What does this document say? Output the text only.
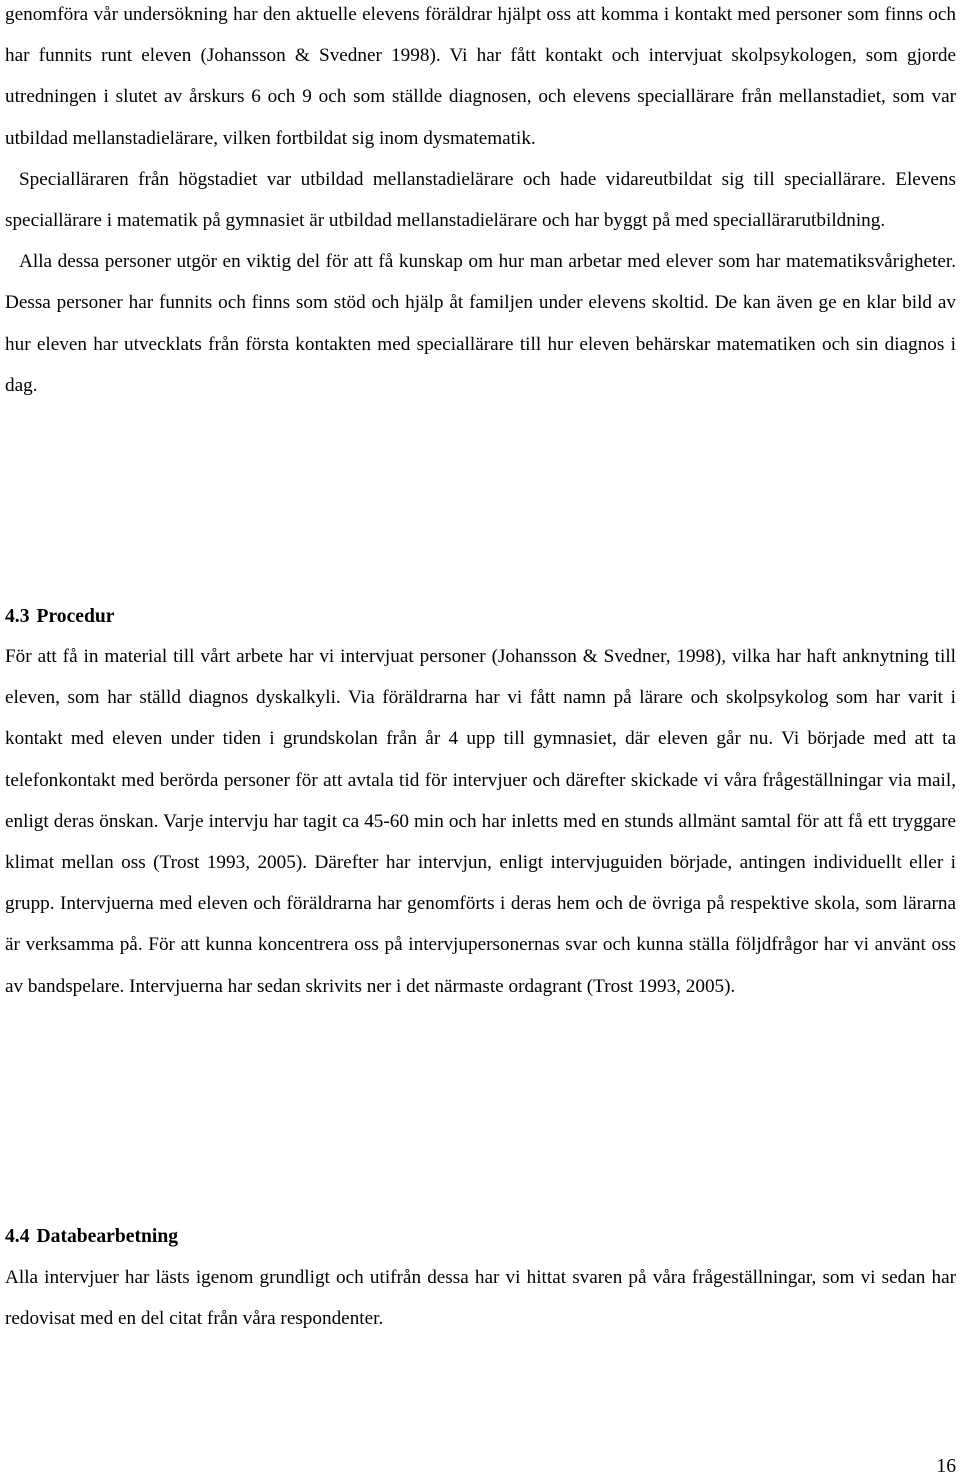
genomföra vår undersökning har den aktuelle elevens föräldrar hjälpt oss att komma i kontakt med personer som finns och har funnits runt eleven (Johansson & Svedner 1998). Vi har fått kontakt och intervjuat skolpsykologen, som gjorde utredningen i slutet av årskurs 6 och 9 och som ställde diagnosen, och elevens speciallärare från mellanstadiet, som var utbildad mellanstadielärare, vilken fortbildat sig inom dysmatematik.

Specialläraren från högstadiet var utbildad mellanstadielärare och hade vidareutbildat sig till speciallärare. Elevens speciallärare i matematik på gymnasiet är utbildad mellanstadielärare och har byggt på med speciallärarutbildning.

Alla dessa personer utgör en viktig del för att få kunskap om hur man arbetar med elever som har matematiksvårigheter. Dessa personer har funnits och finns som stöd och hjälp åt familjen under elevens skoltid. De kan även ge en klar bild av hur eleven har utvecklats från första kontakten med speciallärare till hur eleven behärskar matematiken och sin diagnos i dag.

4.3 Procedur

För att få in material till vårt arbete har vi intervjuat personer (Johansson & Svedner, 1998), vilka har haft anknytning till eleven, som har ställd diagnos dyskalkyli. Via föräldrarna har vi fått namn på lärare och skolpsykolog som har varit i kontakt med eleven under tiden i grundskolan från år 4 upp till gymnasiet, där eleven går nu. Vi började med att ta telefonkontakt med berörda personer för att avtala tid för intervjuer och därefter skickade vi våra frågeställningar via mail, enligt deras önskan. Varje intervju har tagit ca 45-60 min och har inletts med en stunds allmänt samtal för att få ett tryggare klimat mellan oss (Trost 1993, 2005). Därefter har intervjun, enligt intervjuguiden började, antingen individuellt eller i grupp. Intervjuerna med eleven och föräldrarna har genomförts i deras hem och de övriga på respektive skola, som lärarna är verksamma på. För att kunna koncentrera oss på intervjupersonernas svar och kunna ställa följdfrågor har vi använt oss av bandspelare. Intervjuerna har sedan skrivits ner i det närmaste ordagrant (Trost 1993, 2005).

4.4 Databearbetning

Alla intervjuer har lästs igenom grundligt och utifrån dessa har vi hittat svaren på våra frågeställningar, som vi sedan har redovisat med en del citat från våra respondenter.

16
